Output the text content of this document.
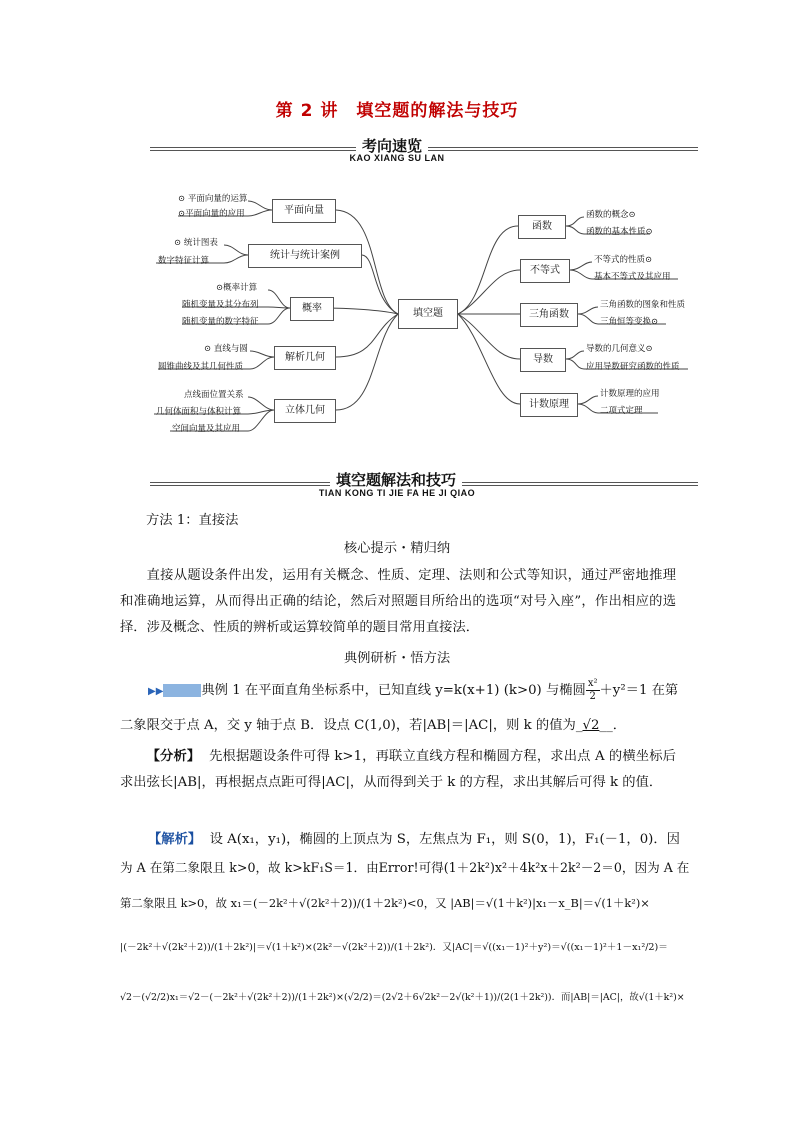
第 2 讲　填空题的解法与技巧
考向速览
KAO XIANG SU LAN
填空题
平面向量
统计与统计案例
概率
解析几何
立体几何
⊙ 平面向量的运算
⊙平面向量的应用
⊙ 统计图表
数字特征计算
⊙概率计算
随机变量及其分布列
随机变量的数字特征
⊙ 直线与圆
圆锥曲线及其几何性质
点线面位置关系
几何体面积与体积计算
空间向量及其应用
函数
不等式
三角函数
导数
计数原理
函数的概念⊙
函数的基本性质⊙
不等式的性质⊙
基本不等式及其应用
三角函数的图象和性质
三角恒等变换⊙
导数的几何意义⊙
应用导数研究函数的性质
计数原理的应用
二项式定理
填空题解法和技巧
TIAN KONG TI JIE FA HE JI QIAO
方法 1：直接法
核心提示・精归纳
直接从题设条件出发，运用有关概念、性质、定理、法则和公式等知识，通过严密地推理和准确地运算，从而得出正确的结论，然后对照题目所给出的选项“对号入座”，作出相应的选择．涉及概念、性质的辨析或运算较简单的题目常用直接法．
典例研析・悟方法
▶▶	典例 1 在平面直角坐标系中，已知直线 y=k(x+1) (k>0) 与椭圆 $\frac{\text{x²}}{2} +y^2=1$ 在第
二象限交于点 A，交 y 轴于点 B．设点 C(1,0)，若|AB|＝|AC|，则 k 的值为_√2__．
【分析】 先根据题设条件可得 k>1，再联立直线方程和椭圆方程，求出点 A 的横坐标后求出弦长|AB|，再根据点点距可得|AC|，从而得到关于 k 的方程，求出其解后可得 k 的值．
【解析】 设 A(x₁，y₁)，椭圆的上顶点为 S，左焦点为 F₁，则 S(0，1)，F₁(－1，0)．因
为 A 在第二象限且 k>0，故 k>kF₁S＝1．由Error!可得(1＋2k²)x²＋4k²x＋2k²－2＝0，因为 A 在
第二象限且 k>0，故 x₁＝(－2k²＋√(2k²＋2))/(1＋2k²)<0，又 |AB|＝√(1＋k²)|x₁－x_B|＝√(1＋k²)×
|(－2k²＋√(2k²＋2))/(1＋2k²)|＝√(1＋k²)×(2k²－√(2k²＋2))/(1＋2k²)．又|AC|＝√((x₁－1)²＋y²)＝√((x₁－1)²＋1－x₁²/2)＝
√2－(√2/2)x₁＝√2－(－2k²＋√(2k²＋2))/(1＋2k²)×(√2/2)＝(2√2＋6√2k²－2√(k²＋1))/(2(1＋2k²))．而|AB|＝|AC|，故√(1＋k²)×
